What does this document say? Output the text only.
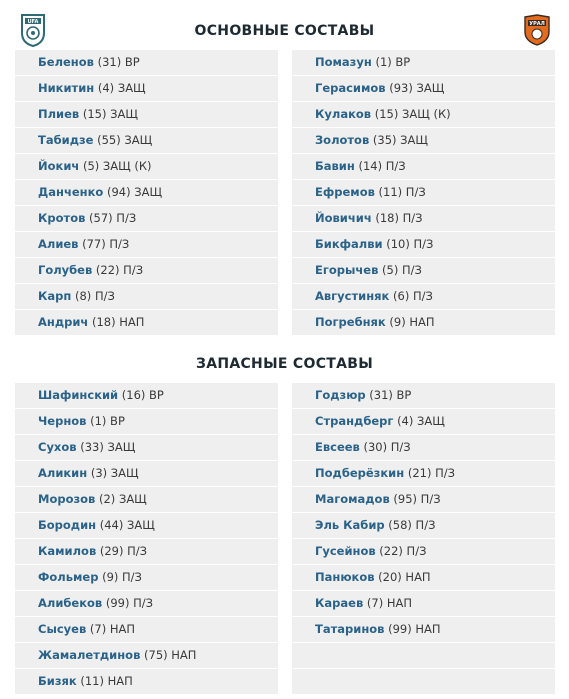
UFA	УРАЛ
ОСНОВНЫЕ СОСТАВЫ
ЗАПАСНЫЕ СОСТАВЫ
Беленов (31) ВР
Никитин (4) ЗАЩ
Плиев (15) ЗАЩ
Табидзе (55) ЗАЩ
Йокич (5) ЗАЩ (К)
Данченко (94) ЗАЩ
Кротов (57) П/З
Алиев (77) П/З
Голубев (22) П/З
Карп (8) П/З
Андрич (18) НАП
Помазун (1) ВР
Герасимов (93) ЗАЩ
Кулаков (15) ЗАЩ (К)
Золотов (35) ЗАЩ
Бавин (14) П/З
Ефремов (11) П/З
Йовичич (18) П/З
Бикфалви (10) П/З
Егорычев (5) П/З
Августиняк (6) П/З
Погребняк (9) НАП
Шафинский (16) ВР
Чернов (1) ВР
Сухов (33) ЗАЩ
Аликин (3) ЗАЩ
Морозов (2) ЗАЩ
Бородин (44) ЗАЩ
Камилов (29) П/З
Фольмер (9) П/З
Алибеков (99) П/З
Сысуев (7) НАП
Жамалетдинов (75) НАП
Бизяк (11) НАП
Годзюр (31) ВР
Страндберг (4) ЗАЩ
Евсеев (30) П/З
Подберёзкин (21) П/З
Магомадов (95) П/З
Эль Кабир (58) П/З
Гусейнов (22) П/З
Панюков (20) НАП
Караев (7) НАП
Татаринов (99) НАП
